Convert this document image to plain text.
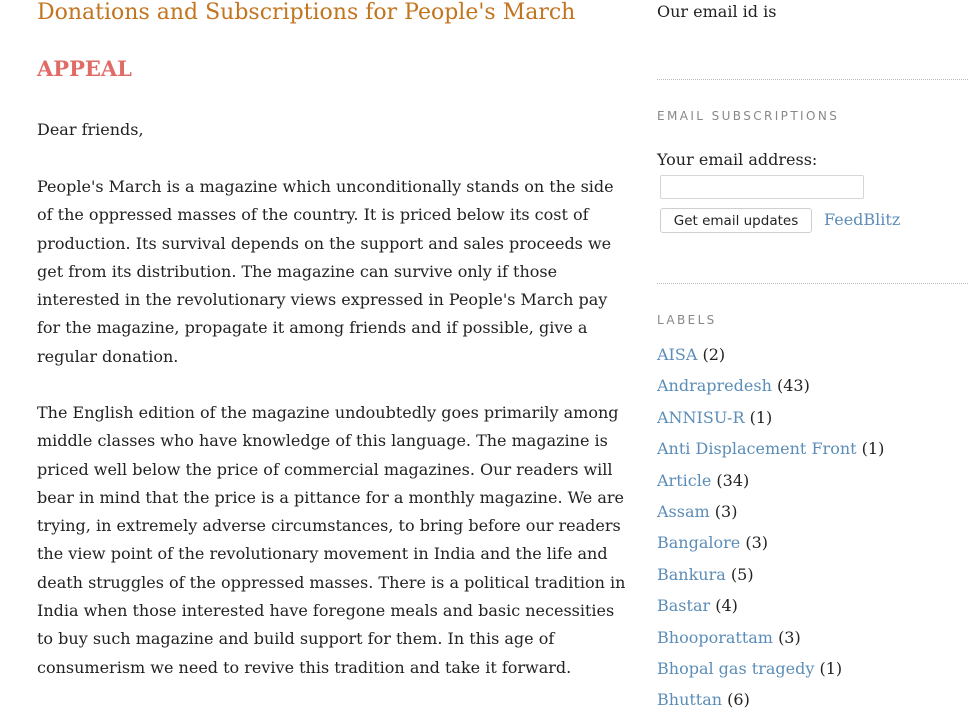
Donations and Subscriptions for People's March
APPEAL

Dear friends,

People's March is a magazine which unconditionally stands on the side of the oppressed masses of the country. It is priced below its cost of production. Its survival depends on the support and sales proceeds we get from its distribution. The magazine can survive only if those interested in the revolutionary views expressed in People's March pay for the magazine, propagate it among friends and if possible, give a regular donation.

The English edition of the magazine undoubtedly goes primarily among middle classes who have knowledge of this language. The magazine is priced well below the price of commercial magazines. Our readers will bear in mind that the price is a pittance for a monthly magazine. We are trying, in extremely adverse circumstances, to bring before our readers the view point of the revolutionary movement in India and the life and death struggles of the oppressed masses. There is a political tradition in India when those interested have foregone meals and basic necessities to buy such magazine and build support for them. In this age of consumerism we need to revive this tradition and take it forward.

Our email id is
EMAIL SUBSCRIPTIONS
Your email address:
Get email updates	FeedBlitz
LABELS
AISA (2)
Andrapredesh (43)
ANNISU-R (1)
Anti Displacement Front (1)
Article (34)
Assam (3)
Bangalore (3)
Bankura (5)
Bastar (4)
Bhooporattam (3)
Bhopal gas tragedy (1)
Bhuttan (6)
